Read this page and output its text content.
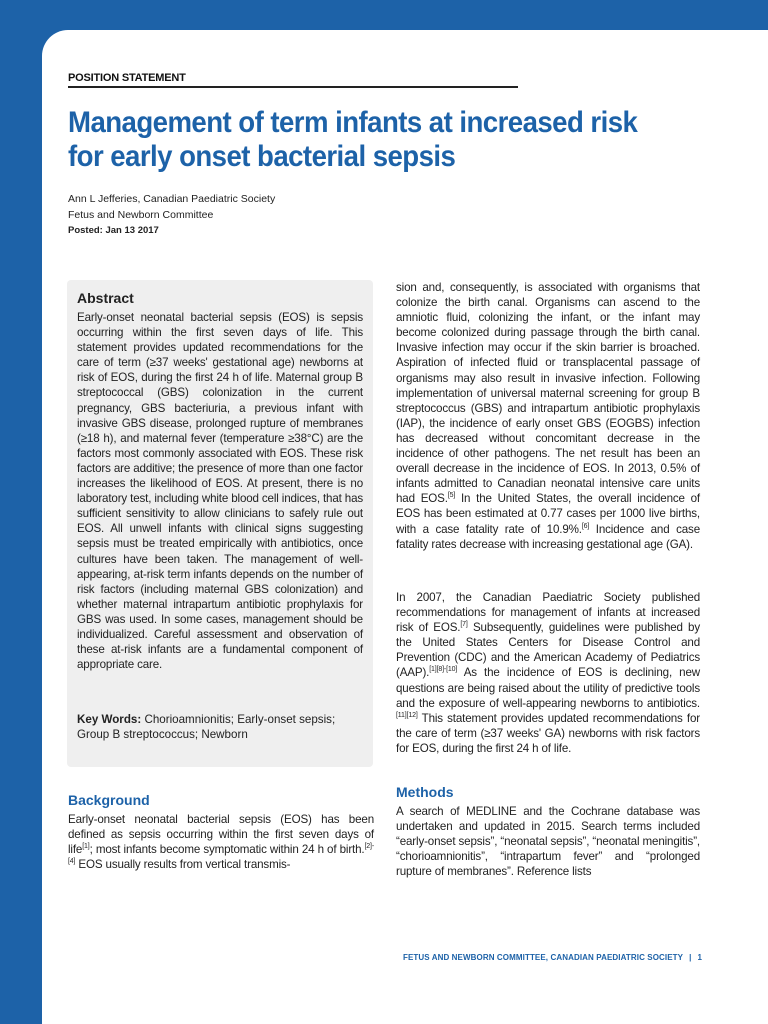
Canadian
Paediatric
Society
POSITION STATEMENT
Management of term infants at increased risk for early onset bacterial sepsis
Ann L Jefferies, Canadian Paediatric Society
Fetus and Newborn Committee
Posted: Jan 13 2017
Abstract
Early-onset neonatal bacterial sepsis (EOS) is sepsis occurring within the first seven days of life. This statement provides updated recommendations for the care of term (≥37 weeks' gestational age) newborns at risk of EOS, during the first 24 h of life. Maternal group B streptococcal (GBS) colonization in the current pregnancy, GBS bacteriuria, a previous infant with invasive GBS disease, prolonged rupture of membranes (≥18 h), and maternal fever (temperature ≥38°C) are the factors most commonly associated with EOS. These risk factors are additive; the presence of more than one factor increases the likelihood of EOS. At present, there is no laboratory test, including white blood cell indices, that has sufficient sensitivity to allow clinicians to safely rule out EOS. All unwell infants with clinical signs suggesting sepsis must be treated empirically with antibiotics, once cultures have been taken. The management of well-appearing, at-risk term infants depends on the number of risk factors (including maternal GBS colonization) and whether maternal intrapartum antibiotic prophylaxis for GBS was used. In some cases, management should be individualized. Careful assessment and observation of these at-risk infants are a fundamental component of appropriate care.
Key Words: Chorioamnionitis; Early-onset sepsis; Group B streptococcus; Newborn
Background
Early-onset neonatal bacterial sepsis (EOS) has been defined as sepsis occurring within the first seven days of life[1]; most infants become symptomatic within 24 h of birth.[2]-[4] EOS usually results from vertical transmis-
sion and, consequently, is associated with organisms that colonize the birth canal. Organisms can ascend to the amniotic fluid, colonizing the infant, or the infant may become colonized during passage through the birth canal. Invasive infection may occur if the skin barrier is broached. Aspiration of infected fluid or transplacental passage of organisms may also result in invasive infection. Following implementation of universal maternal screening for group B streptococcus (GBS) and intrapartum antibiotic prophylaxis (IAP), the incidence of early onset GBS (EOGBS) infection has decreased without concomitant decrease in the incidence of other pathogens. The net result has been an overall decrease in the incidence of EOS. In 2013, 0.5% of infants admitted to Canadian neonatal intensive care units had EOS.[5] In the United States, the overall incidence of EOS has been estimated at 0.77 cases per 1000 live births, with a case fatality rate of 10.9%.[6] Incidence and case fatality rates decrease with increasing gestational age (GA).
In 2007, the Canadian Paediatric Society published recommendations for management of infants at increased risk of EOS.[7] Subsequently, guidelines were published by the United States Centers for Disease Control and Prevention (CDC) and the American Academy of Pediatrics (AAP).[1][8]-[10] As the incidence of EOS is declining, new questions are being raised about the utility of predictive tools and the exposure of well-appearing newborns to antibiotics.[11][12] This statement provides updated recommendations for the care of term (≥37 weeks' GA) newborns with risk factors for EOS, during the first 24 h of life.
Methods
A search of MEDLINE and the Cochrane database was undertaken and updated in 2015. Search terms included “early-onset sepsis”, “neonatal sepsis”, “neonatal meningitis”, “chorioamnionitis”, “intrapartum fever” and “prolonged rupture of membranes”. Reference lists
FETUS AND NEWBORN COMMITTEE, CANADIAN PAEDIATRIC SOCIETY | 1
